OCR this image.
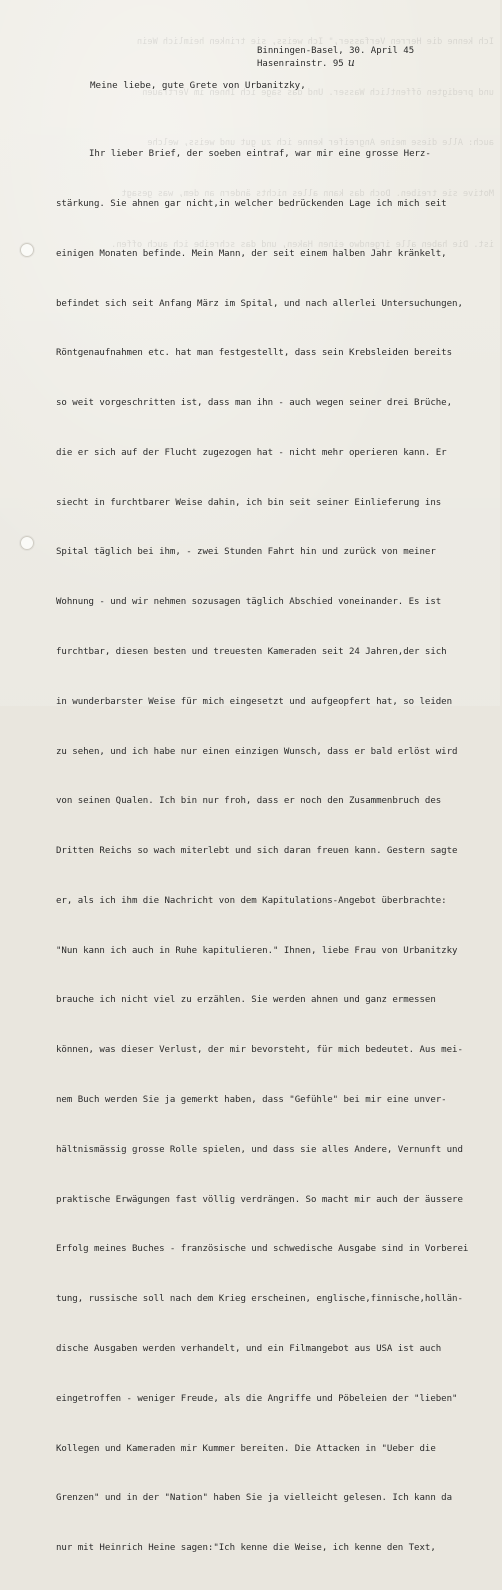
Ich kenne die Herren Verfasser," Ich weiss, sie trinken heimlich Wein

und predigten öffentlich Wasser. Und das sage ich Ihnen im Vertrauen

auch: Alle diese meine Angreifer kenne ich zu gut und weiss, welche

Motive sie treiben. Doch das kann alles nichts ändern an dem, was gesagt

ist. Die haben alle irgendwo einen Haken, und das schreibe ich auch offen.

Binningen-Basel, 30. April 45
Hasenrainstr. 95 u
Meine liebe, gute Grete von Urbanitzky,

Ihr lieber Brief, der soeben eintraf, war mir eine grosse Herz-

stärkung. Sie ahnen gar nicht,in welcher bedrückenden Lage ich mich seit

einigen Monaten befinde. Mein Mann, der seit einem halben Jahr kränkelt,

befindet sich seit Anfang März im Spital, und nach allerlei Untersuchungen,

Röntgenaufnahmen etc. hat man festgestellt, dass sein Krebsleiden bereits

so weit vorgeschritten ist, dass man ihn - auch wegen seiner drei Brüche,

die er sich auf der Flucht zugezogen hat - nicht mehr operieren kann. Er

siecht in furchtbarer Weise dahin, ich bin seit seiner Einlieferung ins

Spital täglich bei ihm, - zwei Stunden Fahrt hin und zurück von meiner

Wohnung - und wir nehmen sozusagen täglich Abschied voneinander. Es ist

furchtbar, diesen besten und treuesten Kameraden seit 24 Jahren,der sich

in wunderbarster Weise für mich eingesetzt und aufgeopfert hat, so leiden

zu sehen, und ich habe nur einen einzigen Wunsch, dass er bald erlöst wird

von seinen Qualen. Ich bin nur froh, dass er noch den Zusammenbruch des

Dritten Reichs so wach miterlebt und sich daran freuen kann. Gestern sagte

er, als ich ihm die Nachricht von dem Kapitulations-Angebot überbrachte:

"Nun kann ich auch in Ruhe kapitulieren." Ihnen, liebe Frau von Urbanitzky

brauche ich nicht viel zu erzählen. Sie werden ahnen und ganz ermessen

können, was dieser Verlust, der mir bevorsteht, für mich bedeutet. Aus mei-

nem Buch werden Sie ja gemerkt haben, dass "Gefühle" bei mir eine unver-

hältnismässig grosse Rolle spielen, und dass sie alles Andere, Vernunft und

praktische Erwägungen fast völlig verdrängen. So macht mir auch der äussere

Erfolg meines Buches - französische und schwedische Ausgabe sind in Vorberei

tung, russische soll nach dem Krieg erscheinen, englische,finnische,hollän-

dische Ausgaben werden verhandelt, und ein Filmangebot aus USA ist auch

eingetroffen - weniger Freude, als die Angriffe und Pöbeleien der "lieben"

Kollegen und Kameraden mir Kummer bereiten. Die Attacken in "Ueber die

Grenzen" und in der "Nation" haben Sie ja vielleicht gelesen. Ich kann da

nur mit Heinrich Heine sagen:"Ich kenne die Weise, ich kenne den Text,
